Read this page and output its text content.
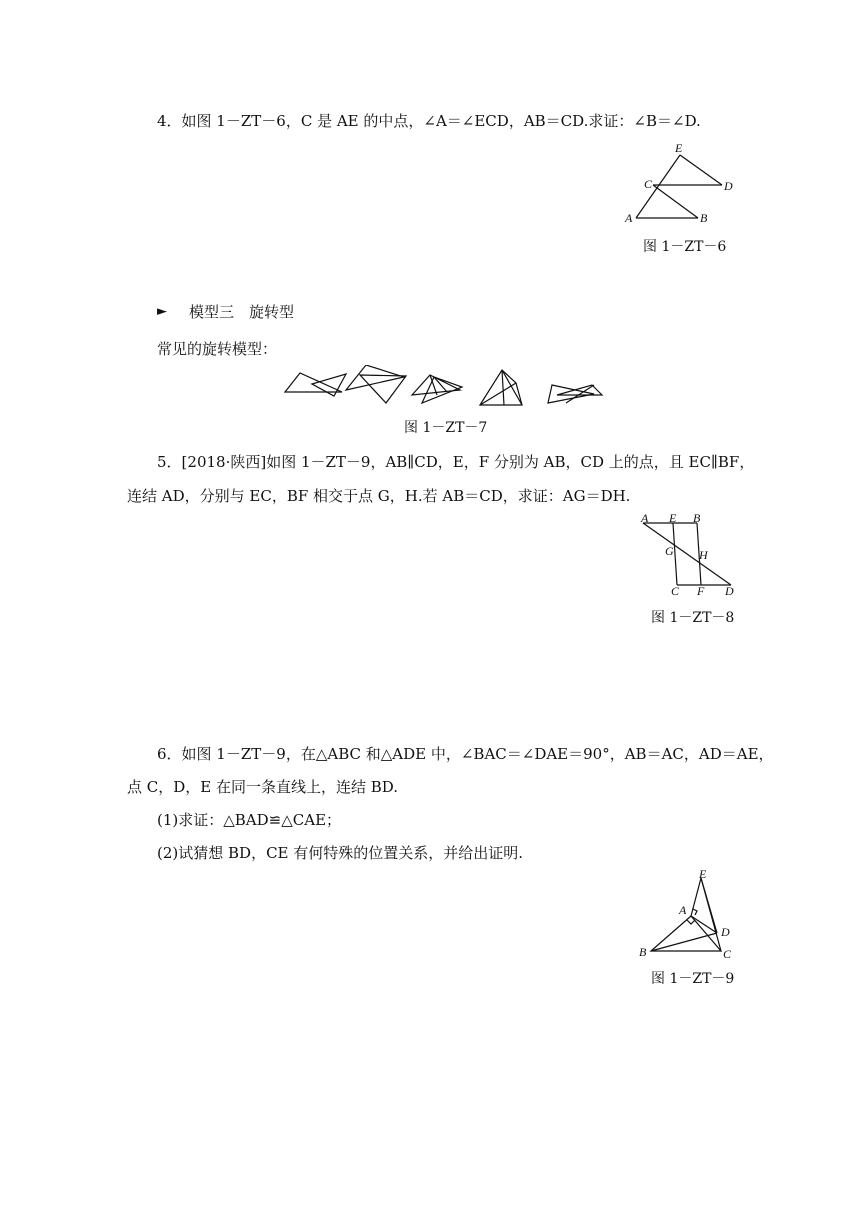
4．如图 1－ZT－6，C 是 AE 的中点，∠A＝∠ECD，AB＝CD.求证：∠B＝∠D.
E
C	D
A	B
图 1－ZT－6
► 模型三　旋转型
常见的旋转模型：
图 1－ZT－7
5．[2018·陕西]如图 1－ZT－9，AB∥CD，E，F 分别为 AB，CD 上的点，且 EC∥BF，
连结 AD，分别与 EC，BF 相交于点 G，H.若 AB＝CD，求证：AG＝DH.
A E B
G H
C F D
图 1－ZT－8
6．如图 1－ZT－9，在△ABC 和△ADE 中，∠BAC＝∠DAE＝90°，AB＝AC，AD＝AE，
点 C，D，E 在同一条直线上，连结 BD.
(1)求证：△BAD≌△CAE；
(2)试猜想 BD，CE 有何特殊的位置关系，并给出证明.
E
A
D
B	C
图 1－ZT－9
